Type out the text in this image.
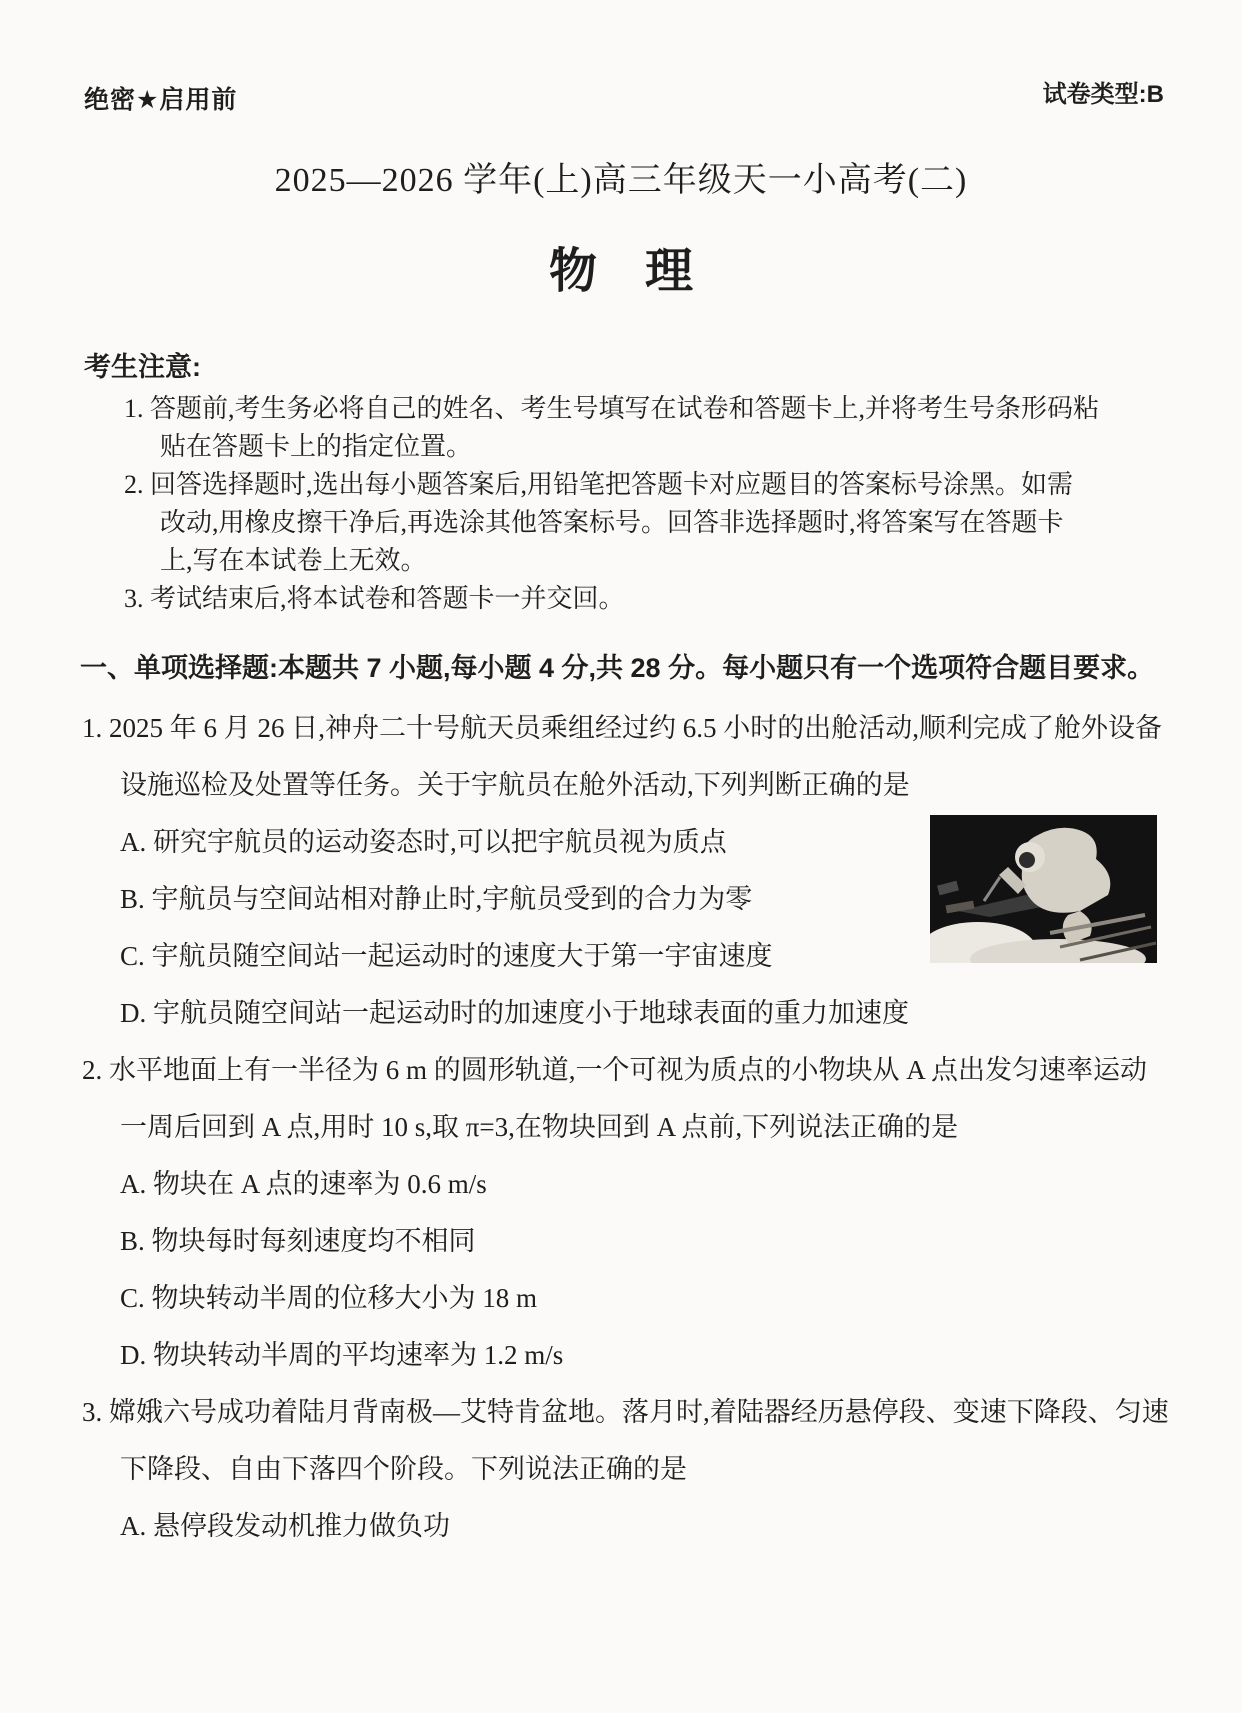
绝密★启用前	试卷类型:B
2025—2026 学年(上)高三年级天一小高考(二)
物　理
考生注意:
1. 答题前,考生务必将自己的姓名、考生号填写在试卷和答题卡上,并将考生号条形码粘
贴在答题卡上的指定位置。
2. 回答选择题时,选出每小题答案后,用铅笔把答题卡对应题目的答案标号涂黑。如需
改动,用橡皮擦干净后,再选涂其他答案标号。回答非选择题时,将答案写在答题卡
上,写在本试卷上无效。
3. 考试结束后,将本试卷和答题卡一并交回。
一、单项选择题:本题共 7 小题,每小题 4 分,共 28 分。每小题只有一个选项符合题目要求。
1. 2025 年 6 月 26 日,神舟二十号航天员乘组经过约 6.5 小时的出舱活动,顺利完成了舱外设备
设施巡检及处置等任务。关于宇航员在舱外活动,下列判断正确的是
A. 研究宇航员的运动姿态时,可以把宇航员视为质点
B. 宇航员与空间站相对静止时,宇航员受到的合力为零
C. 宇航员随空间站一起运动时的速度大于第一宇宙速度
D. 宇航员随空间站一起运动时的加速度小于地球表面的重力加速度
2. 水平地面上有一半径为 6 m 的圆形轨道,一个可视为质点的小物块从 A 点出发匀速率运动
一周后回到 A 点,用时 10 s,取 π=3,在物块回到 A 点前,下列说法正确的是
A. 物块在 A 点的速率为 0.6 m/s
B. 物块每时每刻速度均不相同
C. 物块转动半周的位移大小为 18 m
D. 物块转动半周的平均速率为 1.2 m/s
3. 嫦娥六号成功着陆月背南极—艾特肯盆地。落月时,着陆器经历悬停段、变速下降段、匀速
下降段、自由下落四个阶段。下列说法正确的是
A. 悬停段发动机推力做负功
